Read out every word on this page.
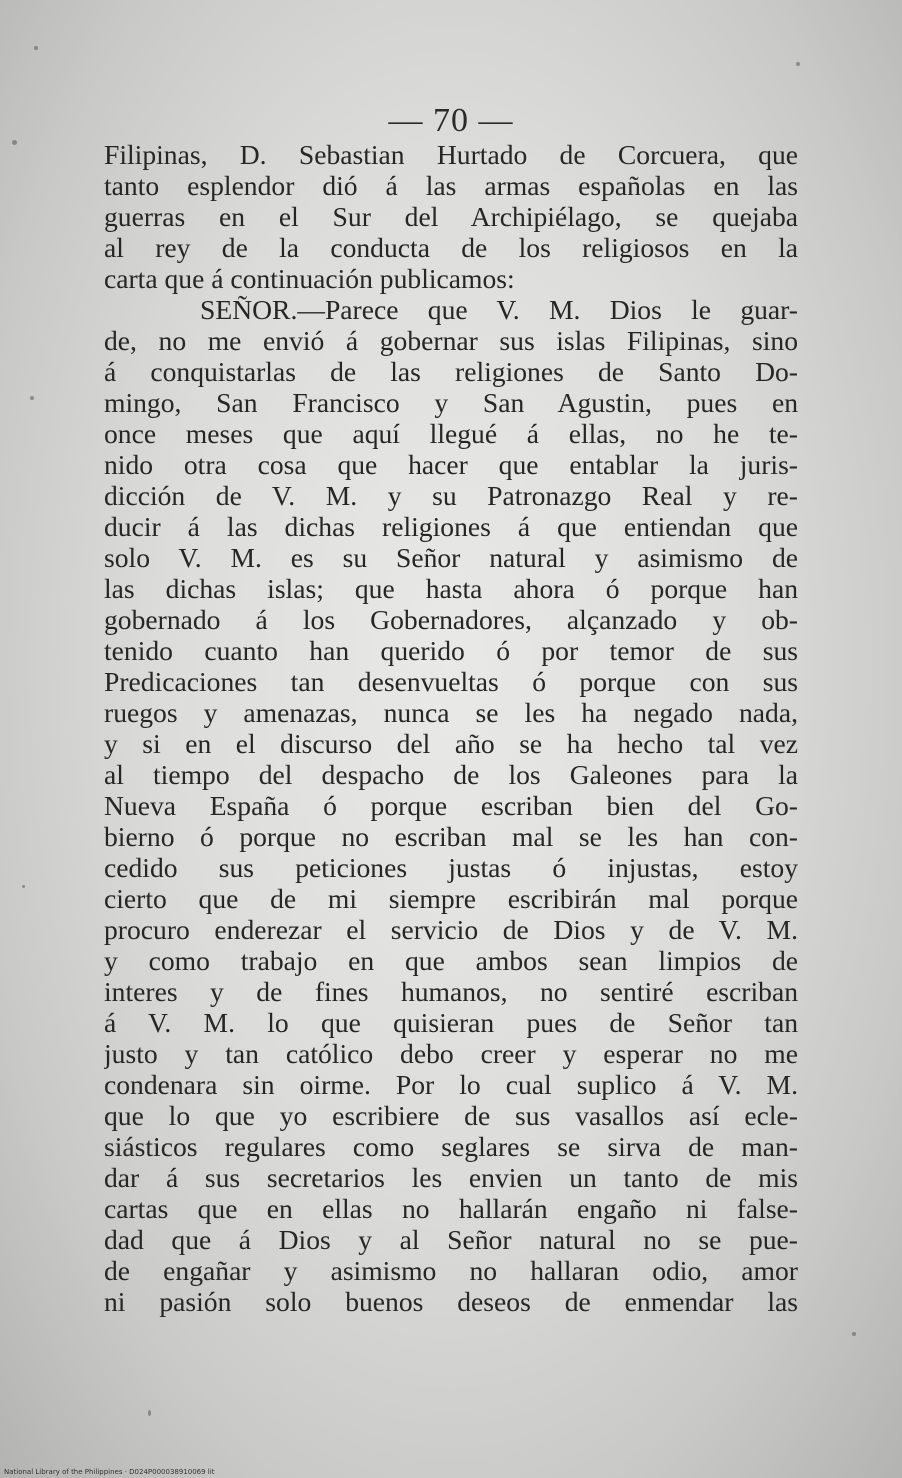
— 70 —
Filipinas, D. Sebastian Hurtado de Corcuera, que
tanto esplendor dió á las armas españolas en las
guerras en el Sur del Archipiélago, se quejaba
al rey de la conducta de los religiosos en la
carta que á continuación publicamos:
SEÑOR.—Parece que V. M. Dios le guar-
de, no me envió á gobernar sus islas Filipinas, sino
á conquistarlas de las religiones de Santo Do-
mingo, San Francisco y San Agustin, pues en
once meses que aquí llegué á ellas, no he te-
nido otra cosa que hacer que entablar la juris-
dicción de V. M. y su Patronazgo Real y re-
ducir á las dichas religiones á que entiendan que
solo V. M. es su Señor natural y asimismo de
las dichas islas; que hasta ahora ó porque han
gobernado á los Gobernadores, alçanzado y ob-
tenido cuanto han querido ó por temor de sus
Predicaciones tan desenvueltas ó porque con sus
ruegos y amenazas, nunca se les ha negado nada,
y si en el discurso del año se ha hecho tal vez
al tiempo del despacho de los Galeones para la
Nueva España ó porque escriban bien del Go-
bierno ó porque no escriban mal se les han con-
cedido sus peticiones justas ó injustas, estoy
cierto que de mi siempre escribirán mal porque
procuro enderezar el servicio de Dios y de V. M.
y como trabajo en que ambos sean limpios de
interes y de fines humanos, no sentiré escriban
á V. M. lo que quisieran pues de Señor tan
justo y tan católico debo creer y esperar no me
condenara sin oirme. Por lo cual suplico á V. M.
que lo que yo escribiere de sus vasallos así ecle-
siásticos regulares como seglares se sirva de man-
dar á sus secretarios les envien un tanto de mis
cartas que en ellas no hallarán engaño ni false-
dad que á Dios y al Señor natural no se pue-
de engañar y asimismo no hallaran odio, amor
ni pasión solo buenos deseos de enmendar las
National Library of the Philippines · D024P000038910069 lit
